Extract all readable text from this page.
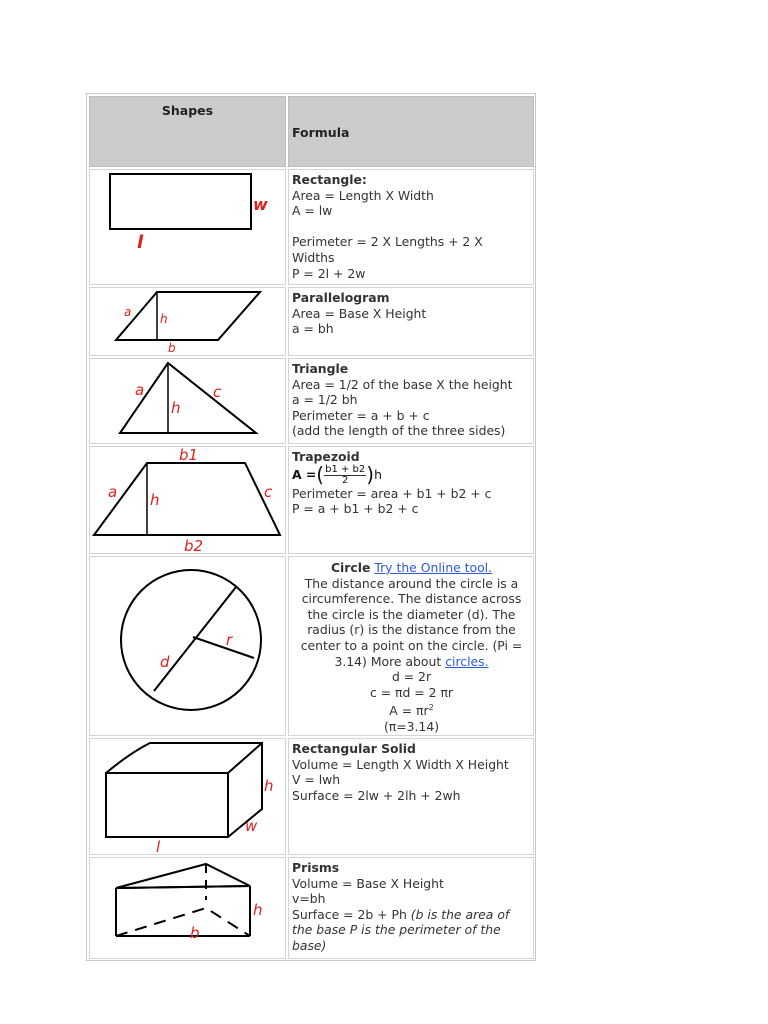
Shapes
Formula
w
l
Rectangle:
Area = Length X Width
A = lw
Perimeter = 2 X Lengths + 2 X
Widths
P = 2l + 2w
a h
b
Parallelogram
Area = Base X Height
a = bh
a
h
c
Triangle
Area = 1/2 of the base X the height
a = 1/2 bh
Perimeter = a + b + c
(add the length of the three sides)
b1
a h	c
b2
Trapezoid
A =( $\frac{b1 + b2}{2} )h$
Perimeter = area + b1 + b2 + c
P = a + b1 + b2 + c
d
r
Circle Try the Online tool.
The distance around the circle is a circumference. The distance across the circle is the diameter (d). The radius (r) is the distance from the center to a point on the circle. (Pi = 3.14) More about circles.
d = 2r
c = πd = 2 πr
$A = \pi r^2$
(π=3.14)
h
w
l
Rectangular Solid
Volume = Length X Width X Height
V = lwh
Surface = 2lw + 2lh + 2wh
h
b
Prisms
Volume = Base X Height
v=bh
Surface = 2b + Ph (b is the area of the base P is the perimeter of the base)
